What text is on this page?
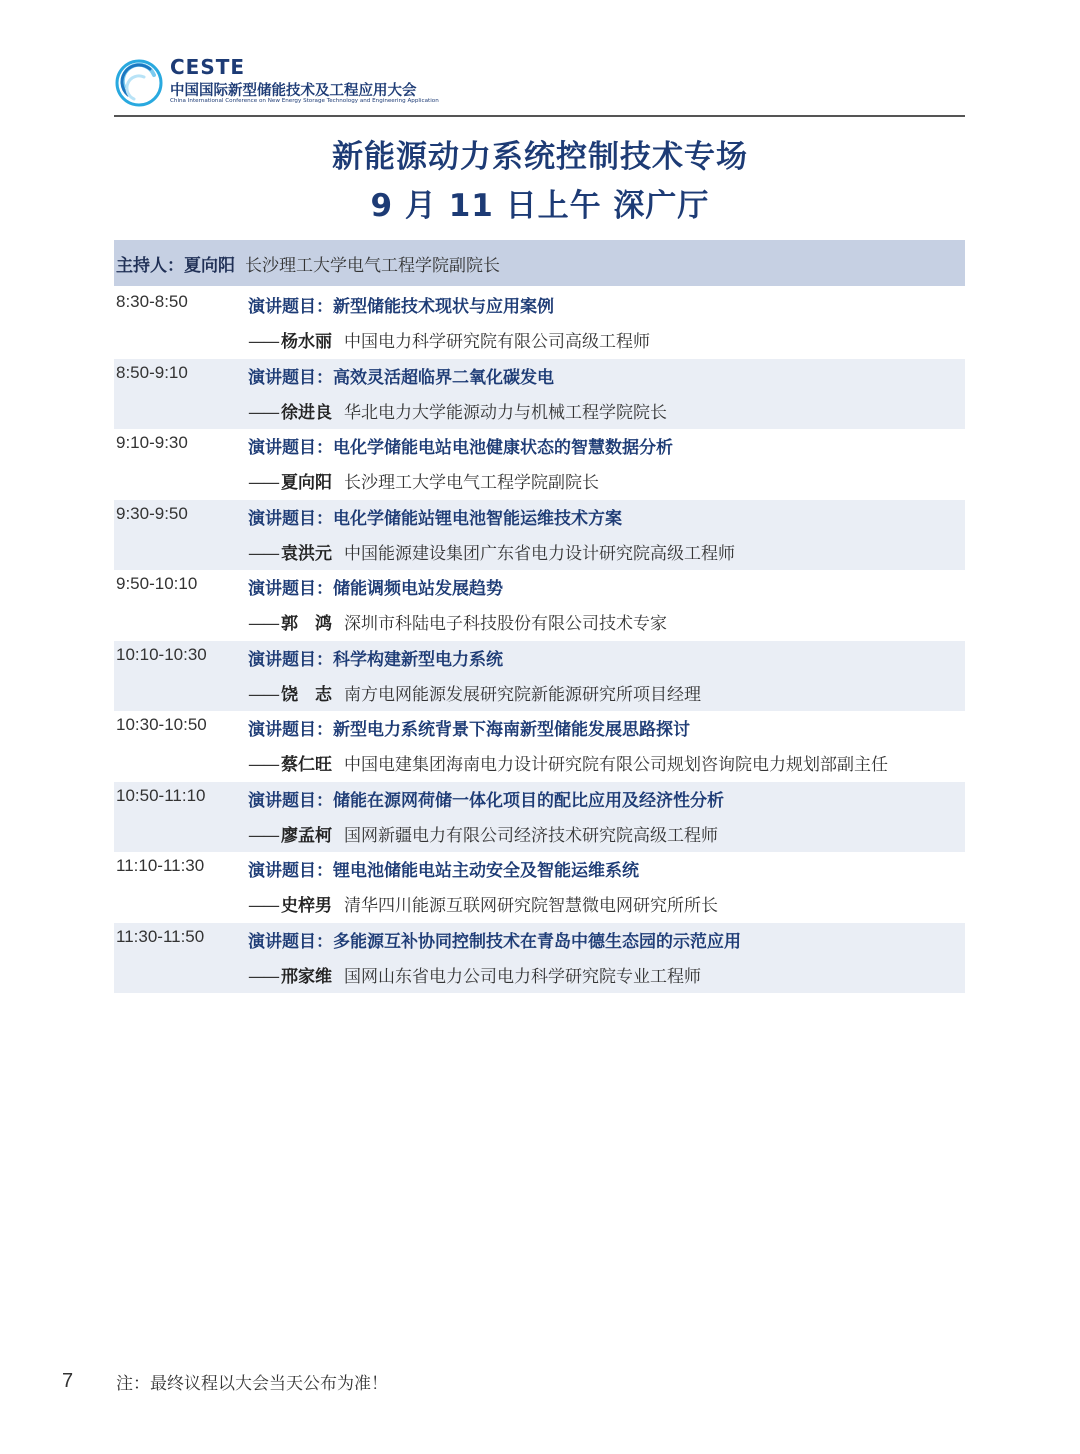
CESTE
中国国际新型储能技术及工程应用大会
China International Conference on New Energy Storage Technology and Engineering Application
新能源动力系统控制技术专场
9 月 11 日上午 深广厅
主持人： 夏向阳 长沙理工大学电气工程学院副院长
8:30-8:50	演讲题目：新型储能技术现状与应用案例
—— 杨水丽 中国电力科学研究院有限公司高级工程师
8:50-9:10	演讲题目：高效灵活超临界二氧化碳发电
—— 徐进良 华北电力大学能源动力与机械工程学院院长
9:10-9:30	演讲题目：电化学储能电站电池健康状态的智慧数据分析
—— 夏向阳 长沙理工大学电气工程学院副院长
9:30-9:50	演讲题目：电化学储能站锂电池智能运维技术方案
—— 袁洪元 中国能源建设集团广东省电力设计研究院高级工程师
9:50-10:10	演讲题目：储能调频电站发展趋势
—— 郭　鸿 深圳市科陆电子科技股份有限公司技术专家
10:10-10:30 演讲题目：科学构建新型电力系统
—— 饶　志 南方电网能源发展研究院新能源研究所项目经理
10:30-10:50 演讲题目：新型电力系统背景下海南新型储能发展思路探讨
—— 蔡仁旺 中国电建集团海南电力设计研究院有限公司规划咨询院电力规划部副主任
10:50-11:10	演讲题目：储能在源网荷储一体化项目的配比应用及经济性分析
—— 廖孟柯 国网新疆电力有限公司经济技术研究院高级工程师
11:10-11:30	演讲题目：锂电池储能电站主动安全及智能运维系统
—— 史梓男 清华四川能源互联网研究院智慧微电网研究所所长
11:30-11:50	演讲题目：多能源互补协同控制技术在青岛中德生态园的示范应用
—— 邢家维 国网山东省电力公司电力科学研究院专业工程师
7	注：最终议程以大会当天公布为准！
